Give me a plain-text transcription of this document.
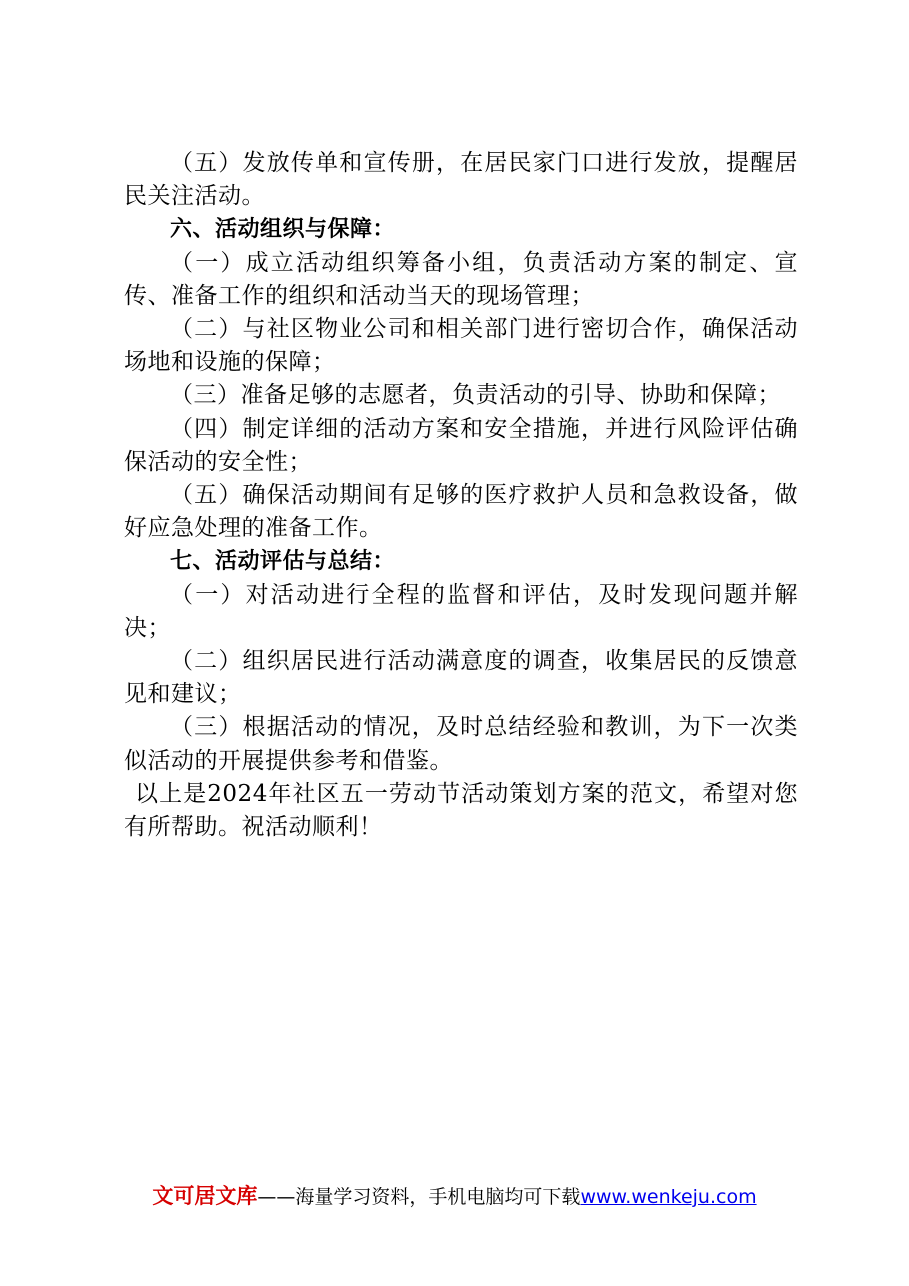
（五）发放传单和宣传册，在居民家门口进行发放，提醒居民关注活动。

六、活动组织与保障：

（一）成立活动组织筹备小组，负责活动方案的制定、宣传、准备工作的组织和活动当天的现场管理；

（二）与社区物业公司和相关部门进行密切合作，确保活动场地和设施的保障；

（三）准备足够的志愿者，负责活动的引导、协助和保障；

（四）制定详细的活动方案和安全措施，并进行风险评估确保活动的安全性；

（五）确保活动期间有足够的医疗救护人员和急救设备，做好应急处理的准备工作。

七、活动评估与总结：

（一）对活动进行全程的监督和评估，及时发现问题并解决；

（二）组织居民进行活动满意度的调查，收集居民的反馈意见和建议；

（三）根据活动的情况，及时总结经验和教训，为下一次类似活动的开展提供参考和借鉴。

以上是2024年社区五一劳动节活动策划方案的范文，希望对您有所帮助。祝活动顺利！

文可居文库——海量学习资料，手机电脑均可下载www.wenkeju.com
